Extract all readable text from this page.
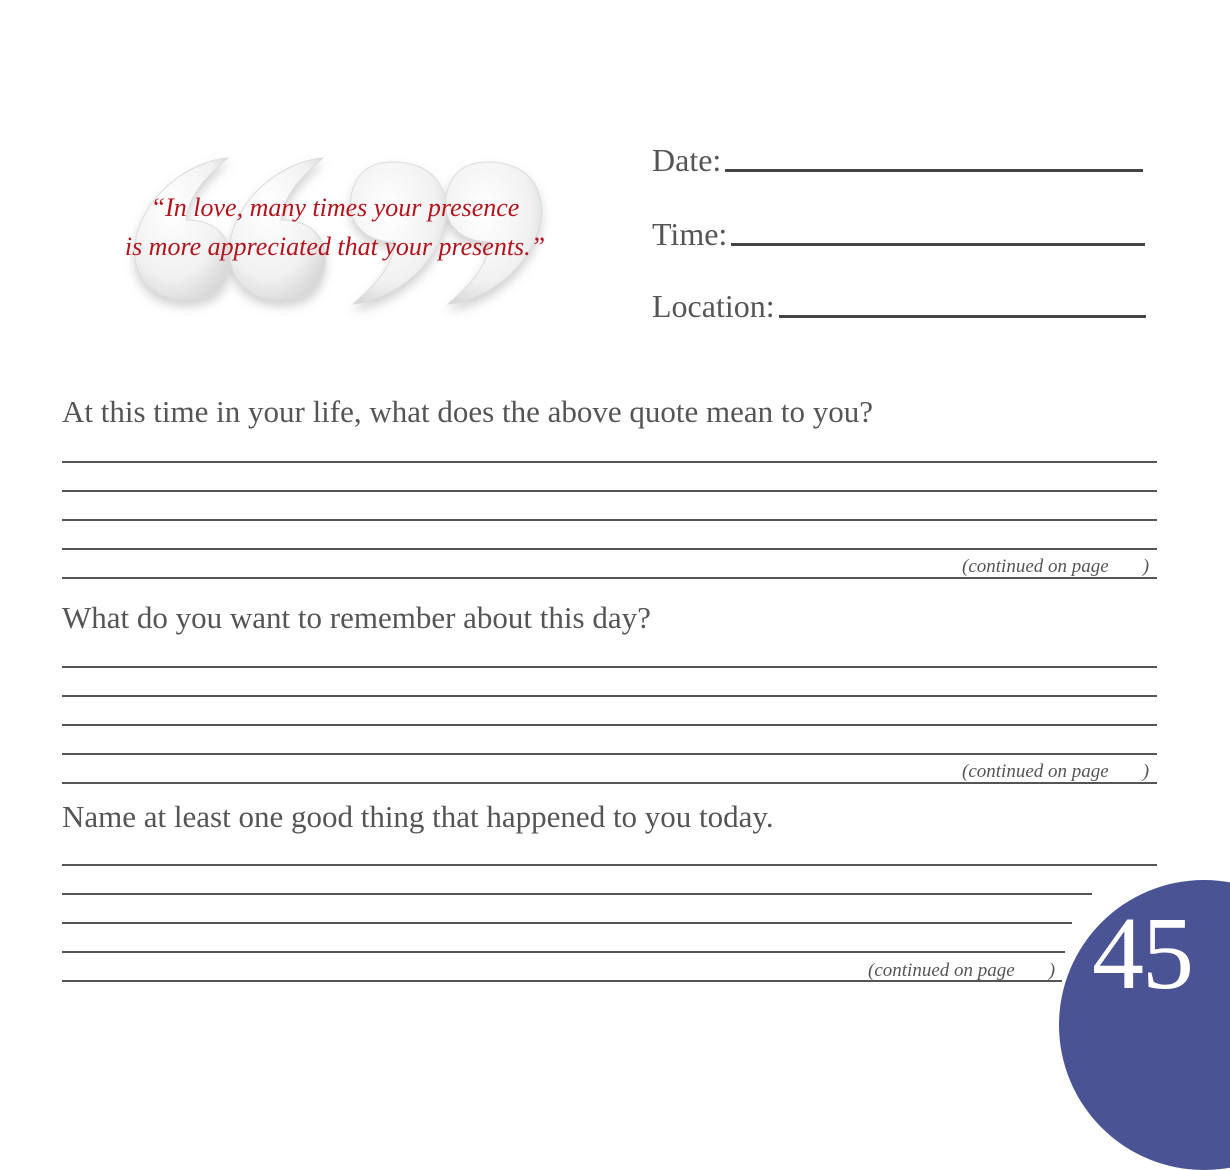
“In love, many times your presence
is more appreciated that your presents.”
Date:
Time:
Location:
At this time in your life, what does the above quote mean to you?
(continued on page )
What do you want to remember about this day?
(continued on page )
Name at least one good thing that happened to you today.
(continued on page ) 45
